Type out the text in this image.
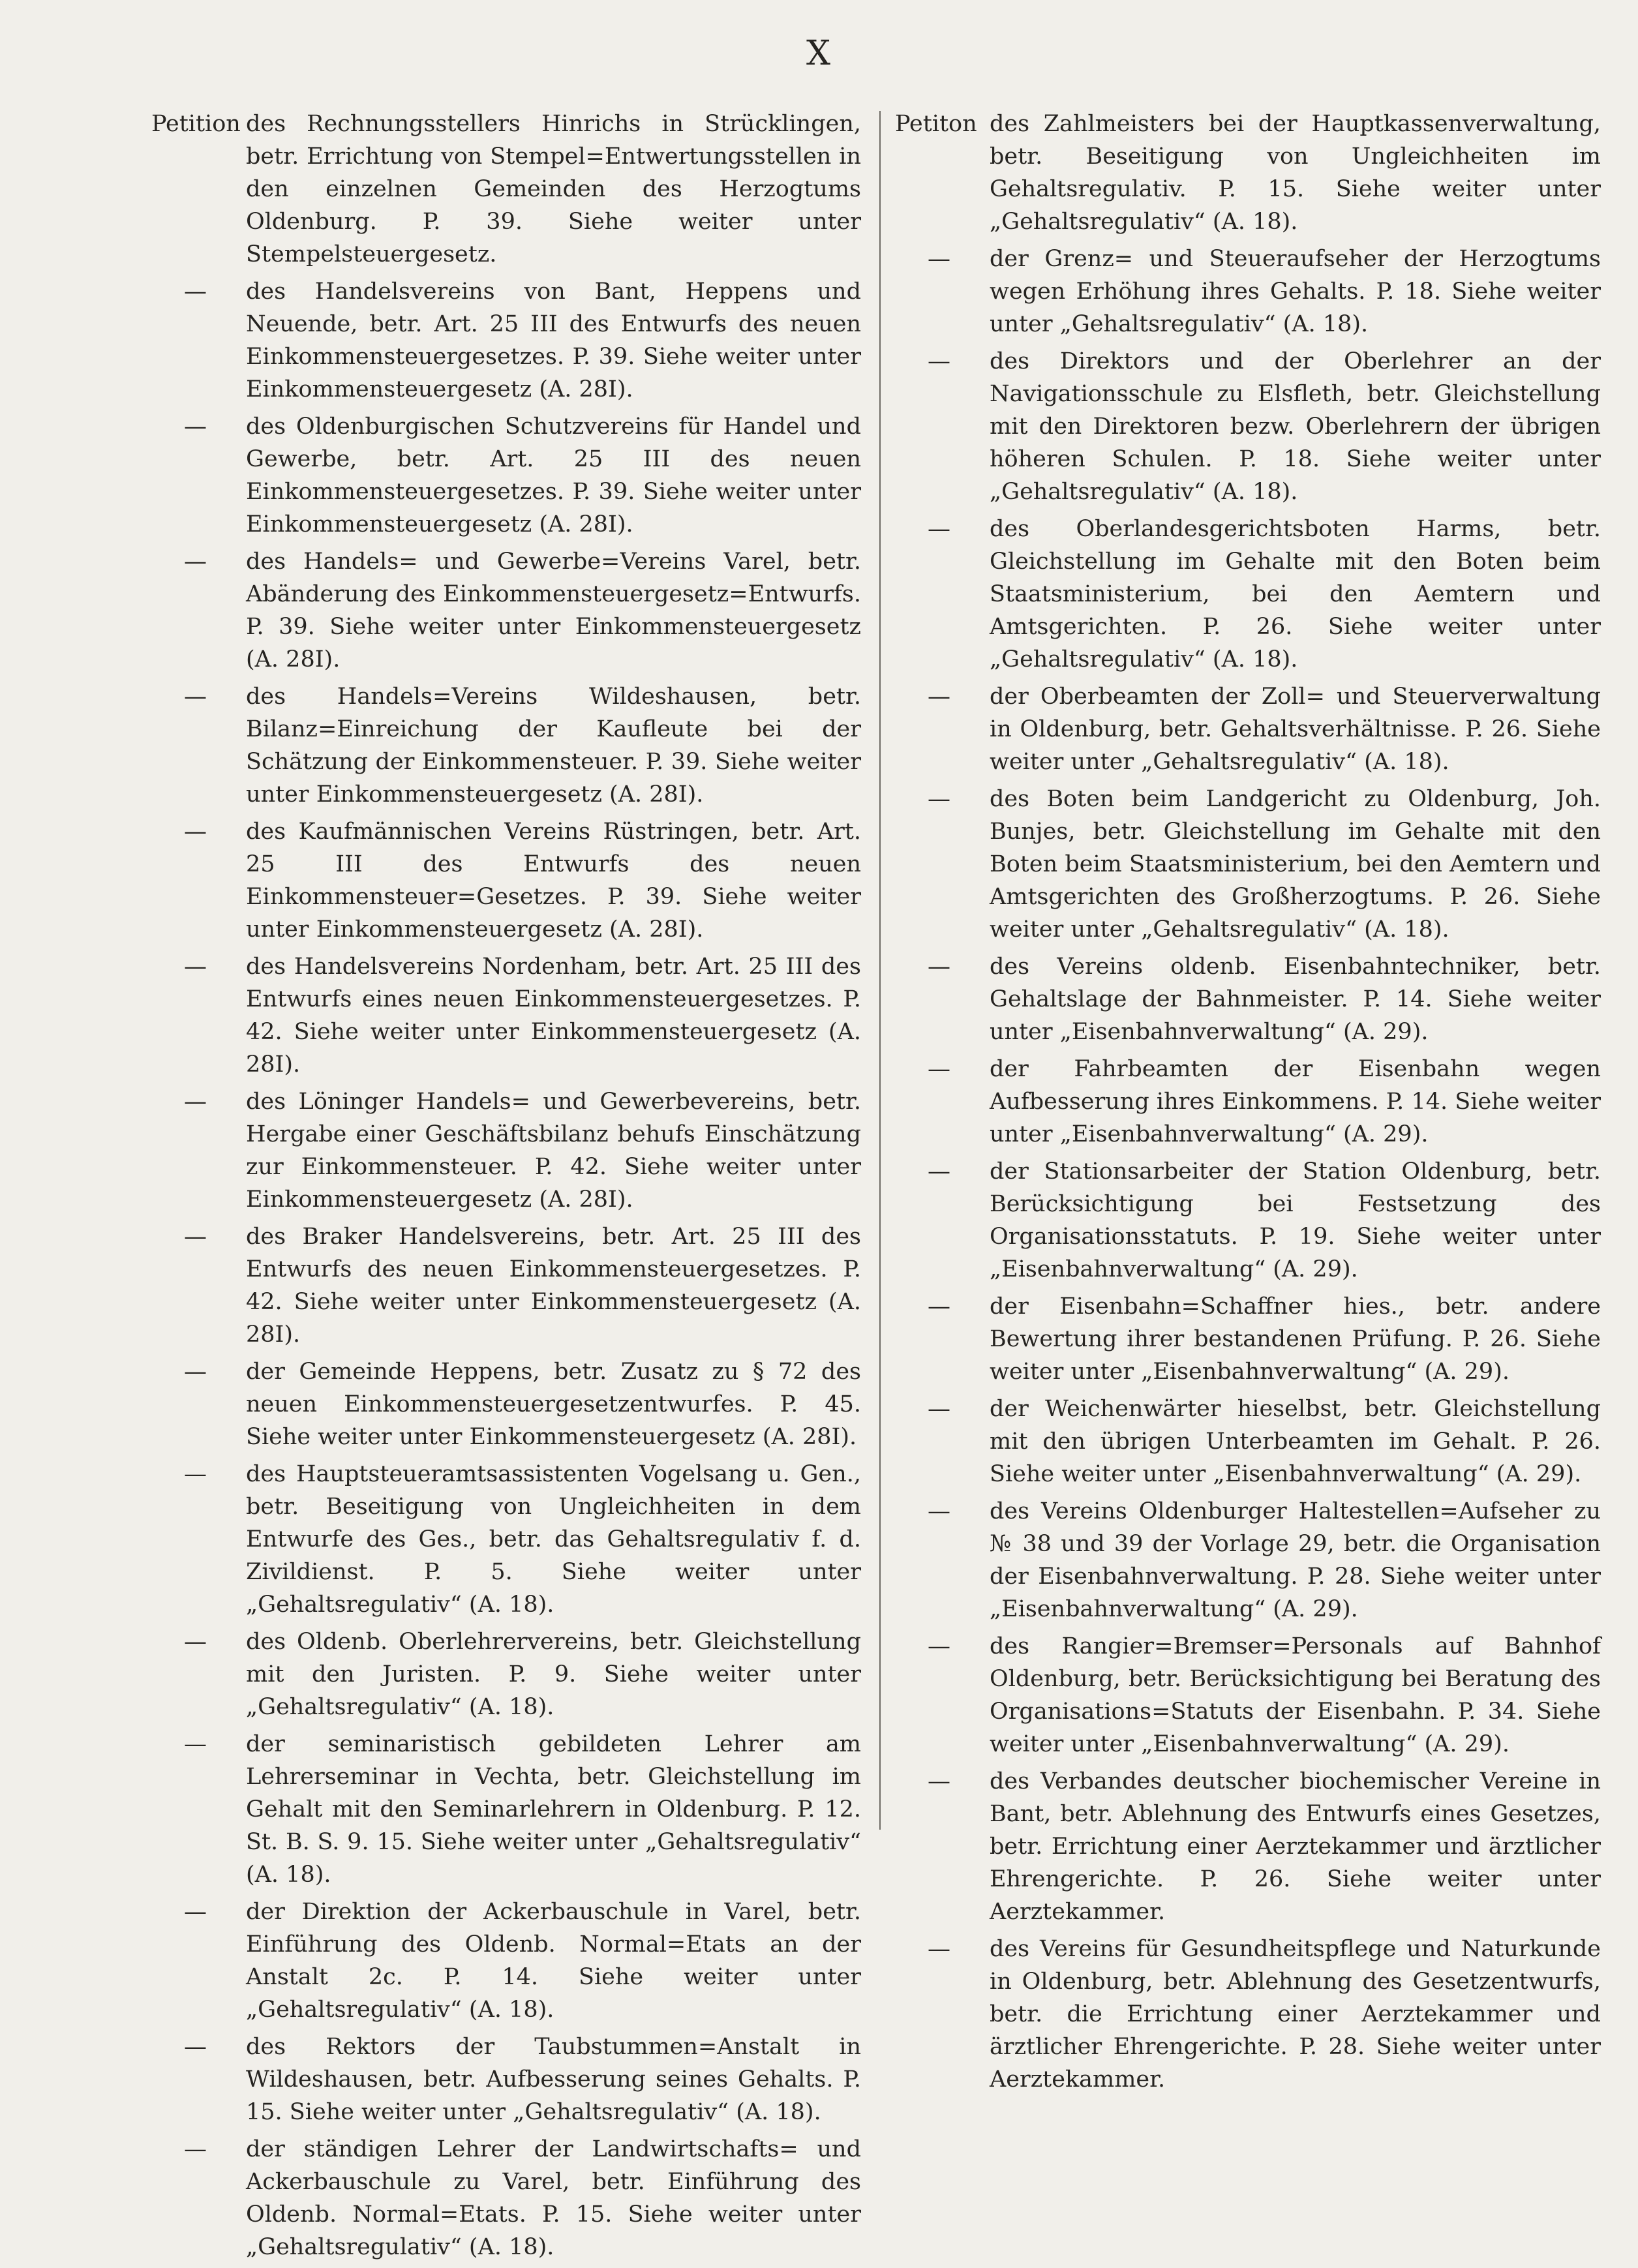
X
Petition des Rechnungsstellers Hinrichs in Strücklingen, betr. Errichtung von Stempel=Entwertungsstellen in den einzelnen Gemeinden des Herzogtums Oldenburg. P. 39. Siehe weiter unter Stempelsteuergesetz.
—	des Handelsvereins von Bant, Heppens und Neuende, betr. Art. 25 III des Entwurfs des neuen Einkommensteuergesetzes. P. 39. Siehe weiter unter Einkommensteuergesetz (A. 28I).
—	des Oldenburgischen Schutzvereins für Handel und Gewerbe, betr. Art. 25 III des neuen Einkommensteuergesetzes. P. 39. Siehe weiter unter Einkommensteuergesetz (A. 28I).
—	des Handels= und Gewerbe=Vereins Varel, betr. Abänderung des Einkommensteuergesetz=Entwurfs. P. 39. Siehe weiter unter Einkommensteuergesetz (A. 28I).
—	des Handels=Vereins Wildeshausen, betr. Bilanz=Einreichung der Kaufleute bei der Schätzung der Einkommensteuer. P. 39. Siehe weiter unter Einkommensteuergesetz (A. 28I).
—	des Kaufmännischen Vereins Rüstringen, betr. Art. 25 III des Entwurfs des neuen Einkommensteuer=Gesetzes. P. 39. Siehe weiter unter Einkommensteuergesetz (A. 28I).
—	des Handelsvereins Nordenham, betr. Art. 25 III des Entwurfs eines neuen Einkommensteuergesetzes. P. 42. Siehe weiter unter Einkommensteuergesetz (A. 28I).
—	des Löninger Handels= und Gewerbevereins, betr. Hergabe einer Geschäftsbilanz behufs Einschätzung zur Einkommensteuer. P. 42. Siehe weiter unter Einkommensteuergesetz (A. 28I).
—	des Braker Handelsvereins, betr. Art. 25 III des Entwurfs des neuen Einkommensteuergesetzes. P. 42. Siehe weiter unter Einkommensteuergesetz (A. 28I).
—	der Gemeinde Heppens, betr. Zusatz zu § 72 des neuen Einkommensteuergesetzentwurfes. P. 45. Siehe weiter unter Einkommensteuergesetz (A. 28I).
—	des Hauptsteueramtsassistenten Vogelsang u. Gen., betr. Beseitigung von Ungleichheiten in dem Entwurfe des Ges., betr. das Gehaltsregulativ f. d. Zivildienst. P. 5. Siehe weiter unter „Gehaltsregulativ“ (A. 18).
—	des Oldenb. Oberlehrervereins, betr. Gleichstellung mit den Juristen. P. 9. Siehe weiter unter „Gehaltsregulativ“ (A. 18).
—	der seminaristisch gebildeten Lehrer am Lehrerseminar in Vechta, betr. Gleichstellung im Gehalt mit den Seminarlehrern in Oldenburg. P. 12. St. B. S. 9. 15. Siehe weiter unter „Gehaltsregulativ“ (A. 18).
—	der Direktion der Ackerbauschule in Varel, betr. Einführung des Oldenb. Normal=Etats an der Anstalt 2c. P. 14. Siehe weiter unter „Gehaltsregulativ“ (A. 18).
—	des Rektors der Taubstummen=Anstalt in Wildeshausen, betr. Aufbesserung seines Gehalts. P. 15. Siehe weiter unter „Gehaltsregulativ“ (A. 18).
—	der ständigen Lehrer der Landwirtschafts= und Ackerbauschule zu Varel, betr. Einführung des Oldenb. Normal=Etats. P. 15. Siehe weiter unter „Gehaltsregulativ“ (A. 18).
Petiton des Zahlmeisters bei der Hauptkassenverwaltung, betr. Beseitigung von Ungleichheiten im Gehaltsregulativ. P. 15. Siehe weiter unter „Gehaltsregulativ“ (A. 18).
—	der Grenz= und Steueraufseher der Herzogtums wegen Erhöhung ihres Gehalts. P. 18. Siehe weiter unter „Gehaltsregulativ“ (A. 18).
—	des Direktors und der Oberlehrer an der Navigationsschule zu Elsfleth, betr. Gleichstellung mit den Direktoren bezw. Oberlehrern der übrigen höheren Schulen. P. 18. Siehe weiter unter „Gehaltsregulativ“ (A. 18).
—	des Oberlandesgerichtsboten Harms, betr. Gleichstellung im Gehalte mit den Boten beim Staatsministerium, bei den Aemtern und Amtsgerichten. P. 26. Siehe weiter unter „Gehaltsregulativ“ (A. 18).
—	der Oberbeamten der Zoll= und Steuerverwaltung in Oldenburg, betr. Gehaltsverhältnisse. P. 26. Siehe weiter unter „Gehaltsregulativ“ (A. 18).
—	des Boten beim Landgericht zu Oldenburg, Joh. Bunjes, betr. Gleichstellung im Gehalte mit den Boten beim Staatsministerium, bei den Aemtern und Amtsgerichten des Großherzogtums. P. 26. Siehe weiter unter „Gehaltsregulativ“ (A. 18).
—	des Vereins oldenb. Eisenbahntechniker, betr. Gehaltslage der Bahnmeister. P. 14. Siehe weiter unter „Eisenbahnverwaltung“ (A. 29).
—	der Fahrbeamten der Eisenbahn wegen Aufbesserung ihres Einkommens. P. 14. Siehe weiter unter „Eisenbahnverwaltung“ (A. 29).
—	der Stationsarbeiter der Station Oldenburg, betr. Berücksichtigung bei Festsetzung des Organisationsstatuts. P. 19. Siehe weiter unter „Eisenbahnverwaltung“ (A. 29).
—	der Eisenbahn=Schaffner hies., betr. andere Bewertung ihrer bestandenen Prüfung. P. 26. Siehe weiter unter „Eisenbahnverwaltung“ (A. 29).
—	der Weichenwärter hieselbst, betr. Gleichstellung mit den übrigen Unterbeamten im Gehalt. P. 26. Siehe weiter unter „Eisenbahnverwaltung“ (A. 29).
—	des Vereins Oldenburger Haltestellen=Aufseher zu № 38 und 39 der Vorlage 29, betr. die Organisation der Eisenbahnverwaltung. P. 28. Siehe weiter unter „Eisenbahnverwaltung“ (A. 29).
—	des Rangier=Bremser=Personals auf Bahnhof Oldenburg, betr. Berücksichtigung bei Beratung des Organisations=Statuts der Eisenbahn. P. 34. Siehe weiter unter „Eisenbahnverwaltung“ (A. 29).
—	des Verbandes deutscher biochemischer Vereine in Bant, betr. Ablehnung des Entwurfs eines Gesetzes, betr. Errichtung einer Aerztekammer und ärztlicher Ehrengerichte. P. 26. Siehe weiter unter Aerztekammer.
—	des Vereins für Gesundheitspflege und Naturkunde in Oldenburg, betr. Ablehnung des Gesetzentwurfs, betr. die Errichtung einer Aerztekammer und ärztlicher Ehrengerichte. P. 28. Siehe weiter unter Aerztekammer.
